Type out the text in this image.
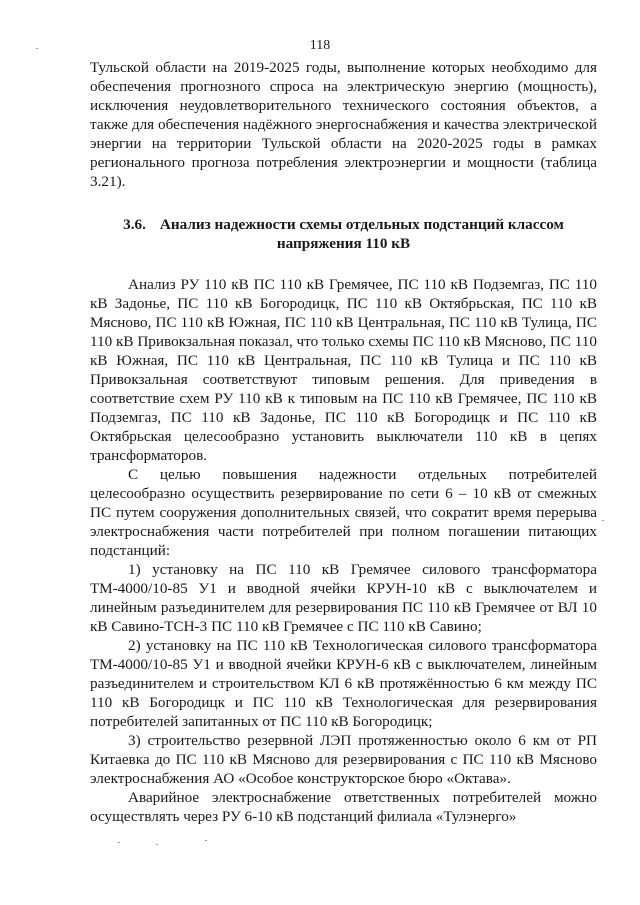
118

Тульской области на 2019-2025 годы, выполнение которых необходимо для обеспечения прогнозного спроса на электрическую энергию (мощность), исключения неудовлетворительного технического состояния объектов, а также для обеспечения надёжного энергоснабжения и качества электрической энергии на территории Тульской области на 2020-2025 годы в рамках регионального прогноза потребления электроэнергии и мощности (таблица 3.21).

3.6. Анализ надежности схемы отдельных подстанций классом напряжения 110 кВ

Анализ РУ 110 кВ ПС 110 кВ Гремячее, ПС 110 кВ Подземгаз, ПС 110 кВ Задонье, ПС 110 кВ Богородицк, ПС 110 кВ Октябрьская, ПС 110 кВ Мясново, ПС 110 кВ Южная, ПС 110 кВ Центральная, ПС 110 кВ Тулица, ПС 110 кВ Привокзальная показал, что только схемы ПС 110 кВ Мясново, ПС 110 кВ Южная, ПС 110 кВ Центральная, ПС 110 кВ Тулица и ПС 110 кВ Привокзальная соответствуют типовым решения. Для приведения в соответствие схем РУ 110 кВ к типовым на ПС 110 кВ Гремячее, ПС 110 кВ Подземгаз, ПС 110 кВ Задонье, ПС 110 кВ Богородицк и ПС 110 кВ Октябрьская целесообразно установить выключатели 110 кВ в цепях трансформаторов.

С целью повышения надежности отдельных потребителей целесообразно осуществить резервирование по сети 6 – 10 кВ от смежных ПС путем сооружения дополнительных связей, что сократит время перерыва электроснабжения части потребителей при полном погашении питающих подстанций:

1) установку на ПС 110 кВ Гремячее силового трансформатора ТМ-4000/10-85 У1 и вводной ячейки КРУН-10 кВ с выключателем и линейным разъединителем для резервирования ПС 110 кВ Гремячее от ВЛ 10 кВ Савино-ТСН-3 ПС 110 кВ Гремячее с ПС 110 кВ Савино;

2) установку на ПС 110 кВ Технологическая силового трансформатора ТМ-4000/10-85 У1 и вводной ячейки КРУН-6 кВ с выключателем, линейным разъединителем и строительством КЛ 6 кВ протяжённостью 6 км между ПС 110 кВ Богородицк и ПС 110 кВ Технологическая для резервирования потребителей запитанных от ПС 110 кВ Богородицк;

3) строительство резервной ЛЭП протяженностью около 6 км от РП Китаевка до ПС 110 кВ Мясново для резервирования с ПС 110 кВ Мясново электроснабжения АО «Особое конструкторское бюро «Октава».

Аварийное электроснабжение ответственных потребителей можно осуществлять через РУ 6-10 кВ подстанций филиала «Тулэнерго»
